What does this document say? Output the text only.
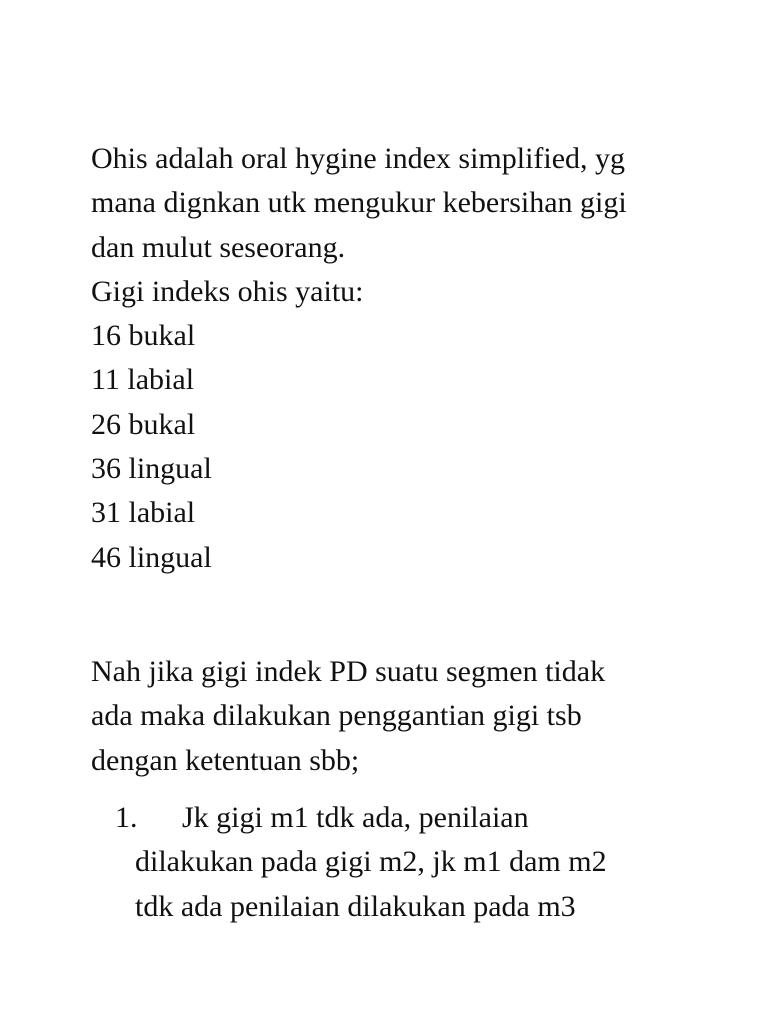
Ohis adalah oral hygine index simplified, yg
mana dignkan utk mengukur kebersihan gigi
dan mulut seseorang.
Gigi indeks ohis yaitu:
16 bukal
11 labial
26 bukal
36 lingual
31 labial
46 lingual
Nah jika gigi indek PD suatu segmen tidak
ada maka dilakukan penggantian gigi tsb
dengan ketentuan sbb;
1.	Jk gigi m1 tdk ada, penilaian
dilakukan pada gigi m2, jk m1 dam m2
tdk ada penilaian dilakukan pada m3
